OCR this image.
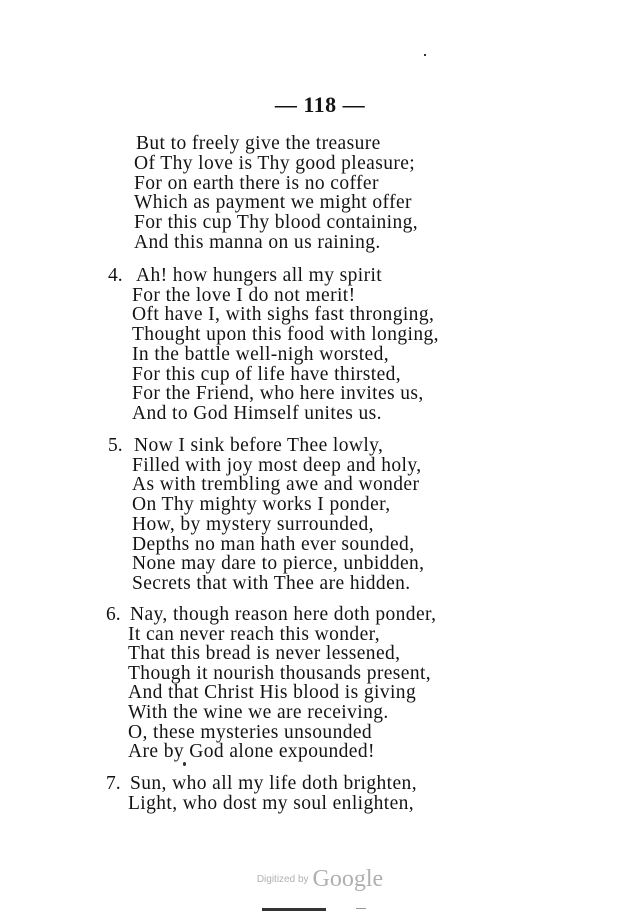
— 118 —
But to freely give the treasure
Of Thy love is Thy good pleasure;
For on earth there is no coffer
Which as payment we might offer
For this cup Thy blood containing,
And this manna on us raining.
4. Ah! how hungers all my spirit
For the love I do not merit!
Oft have I, with sighs fast thronging,
Thought upon this food with longing,
In the battle well-nigh worsted,
For this cup of life have thirsted,
For the Friend, who here invites us,
And to God Himself unites us.
5. Now I sink before Thee lowly,
Filled with joy most deep and holy,
As with trembling awe and wonder
On Thy mighty works I ponder,
How, by mystery surrounded,
Depths no man hath ever sounded,
None may dare to pierce, unbidden,
Secrets that with Thee are hidden.
6. Nay, though reason here doth ponder,
It can never reach this wonder,
That this bread is never lessened,
Though it nourish thousands present,
And that Christ His blood is giving
With the wine we are receiving.
O, these mysteries unsounded
Are by God alone expounded!
7. Sun, who all my life doth brighten,
Light, who dost my soul enlighten,
Digitized by Google
